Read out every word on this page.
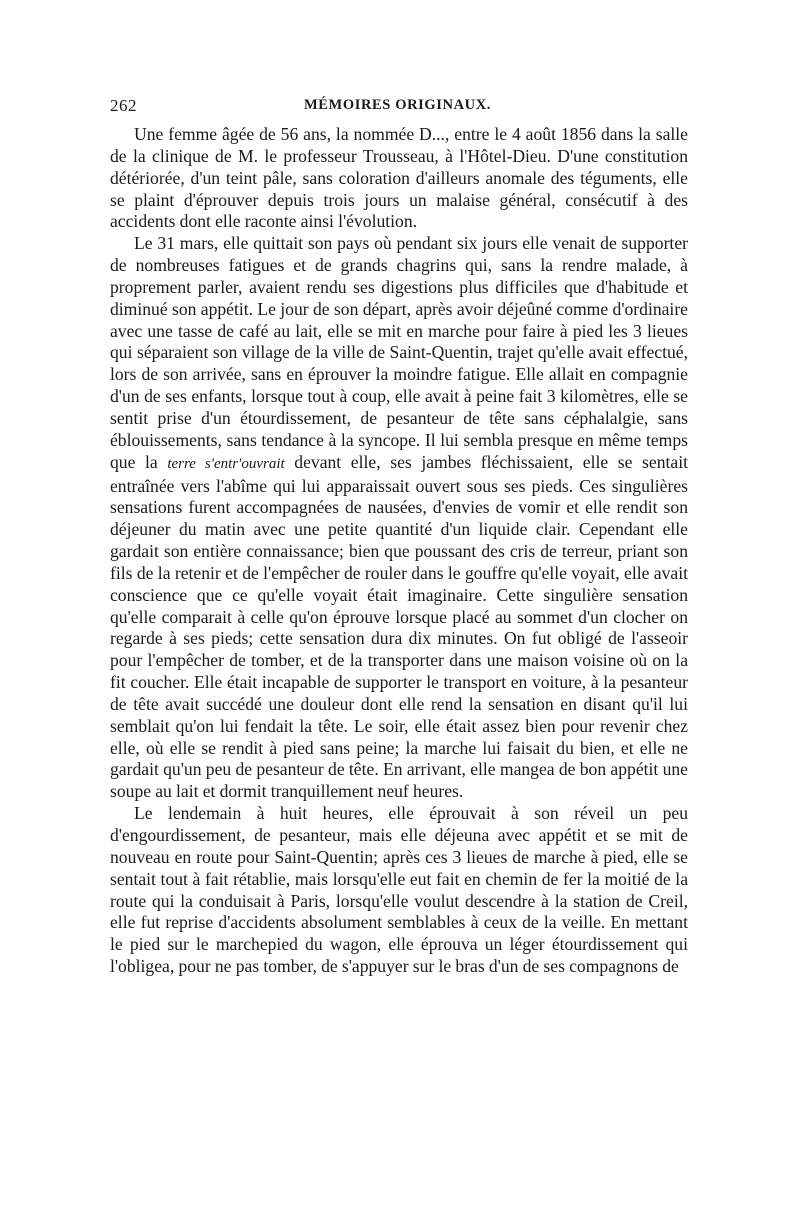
262	MÉMOIRES ORIGINAUX.

Une femme âgée de 56 ans, la nommée D..., entre le 4 août 1856 dans la salle de la clinique de M. le professeur Trousseau, à l'Hôtel-Dieu. D'une constitution détériorée, d'un teint pâle, sans coloration d'ailleurs anomale des téguments, elle se plaint d'éprouver depuis trois jours un malaise général, consécutif à des accidents dont elle raconte ainsi l'évolution.

Le 31 mars, elle quittait son pays où pendant six jours elle venait de supporter de nombreuses fatigues et de grands chagrins qui, sans la rendre malade, à proprement parler, avaient rendu ses digestions plus difficiles que d'habitude et diminué son appétit. Le jour de son départ, après avoir déjeûné comme d'ordinaire avec une tasse de café au lait, elle se mit en marche pour faire à pied les 3 lieues qui séparaient son village de la ville de Saint-Quentin, trajet qu'elle avait effectué, lors de son arrivée, sans en éprouver la moindre fatigue. Elle allait en compagnie d'un de ses enfants, lorsque tout à coup, elle avait à peine fait 3 kilomètres, elle se sentit prise d'un étourdissement, de pesanteur de tête sans céphalalgie, sans éblouissements, sans tendance à la syncope. Il lui sembla presque en même temps que la terre s'entr'ouvrait devant elle, ses jambes fléchissaient, elle se sentait entraînée vers l'abîme qui lui apparaissait ouvert sous ses pieds. Ces singulières sensations furent accompagnées de nausées, d'envies de vomir et elle rendit son déjeuner du matin avec une petite quantité d'un liquide clair. Cependant elle gardait son entière connaissance; bien que poussant des cris de terreur, priant son fils de la retenir et de l'empêcher de rouler dans le gouffre qu'elle voyait, elle avait conscience que ce qu'elle voyait était imaginaire. Cette singulière sensation qu'elle comparait à celle qu'on éprouve lorsque placé au sommet d'un clocher on regarde à ses pieds; cette sensation dura dix minutes. On fut obligé de l'asseoir pour l'empêcher de tomber, et de la transporter dans une maison voisine où on la fit coucher. Elle était incapable de supporter le transport en voiture, à la pesanteur de tête avait succédé une douleur dont elle rend la sensation en disant qu'il lui semblait qu'on lui fendait la tête. Le soir, elle était assez bien pour revenir chez elle, où elle se rendit à pied sans peine; la marche lui faisait du bien, et elle ne gardait qu'un peu de pesanteur de tête. En arrivant, elle mangea de bon appétit une soupe au lait et dormit tranquillement neuf heures.

Le lendemain à huit heures, elle éprouvait à son réveil un peu d'engourdissement, de pesanteur, mais elle déjeuna avec appétit et se mit de nouveau en route pour Saint-Quentin; après ces 3 lieues de marche à pied, elle se sentait tout à fait rétablie, mais lorsqu'elle eut fait en chemin de fer la moitié de la route qui la conduisait à Paris, lorsqu'elle voulut descendre à la station de Creil, elle fut reprise d'accidents absolument semblables à ceux de la veille. En mettant le pied sur le marchepied du wagon, elle éprouva un léger étourdissement qui l'obligea, pour ne pas tomber, de s'appuyer sur le bras d'un de ses compagnons de
